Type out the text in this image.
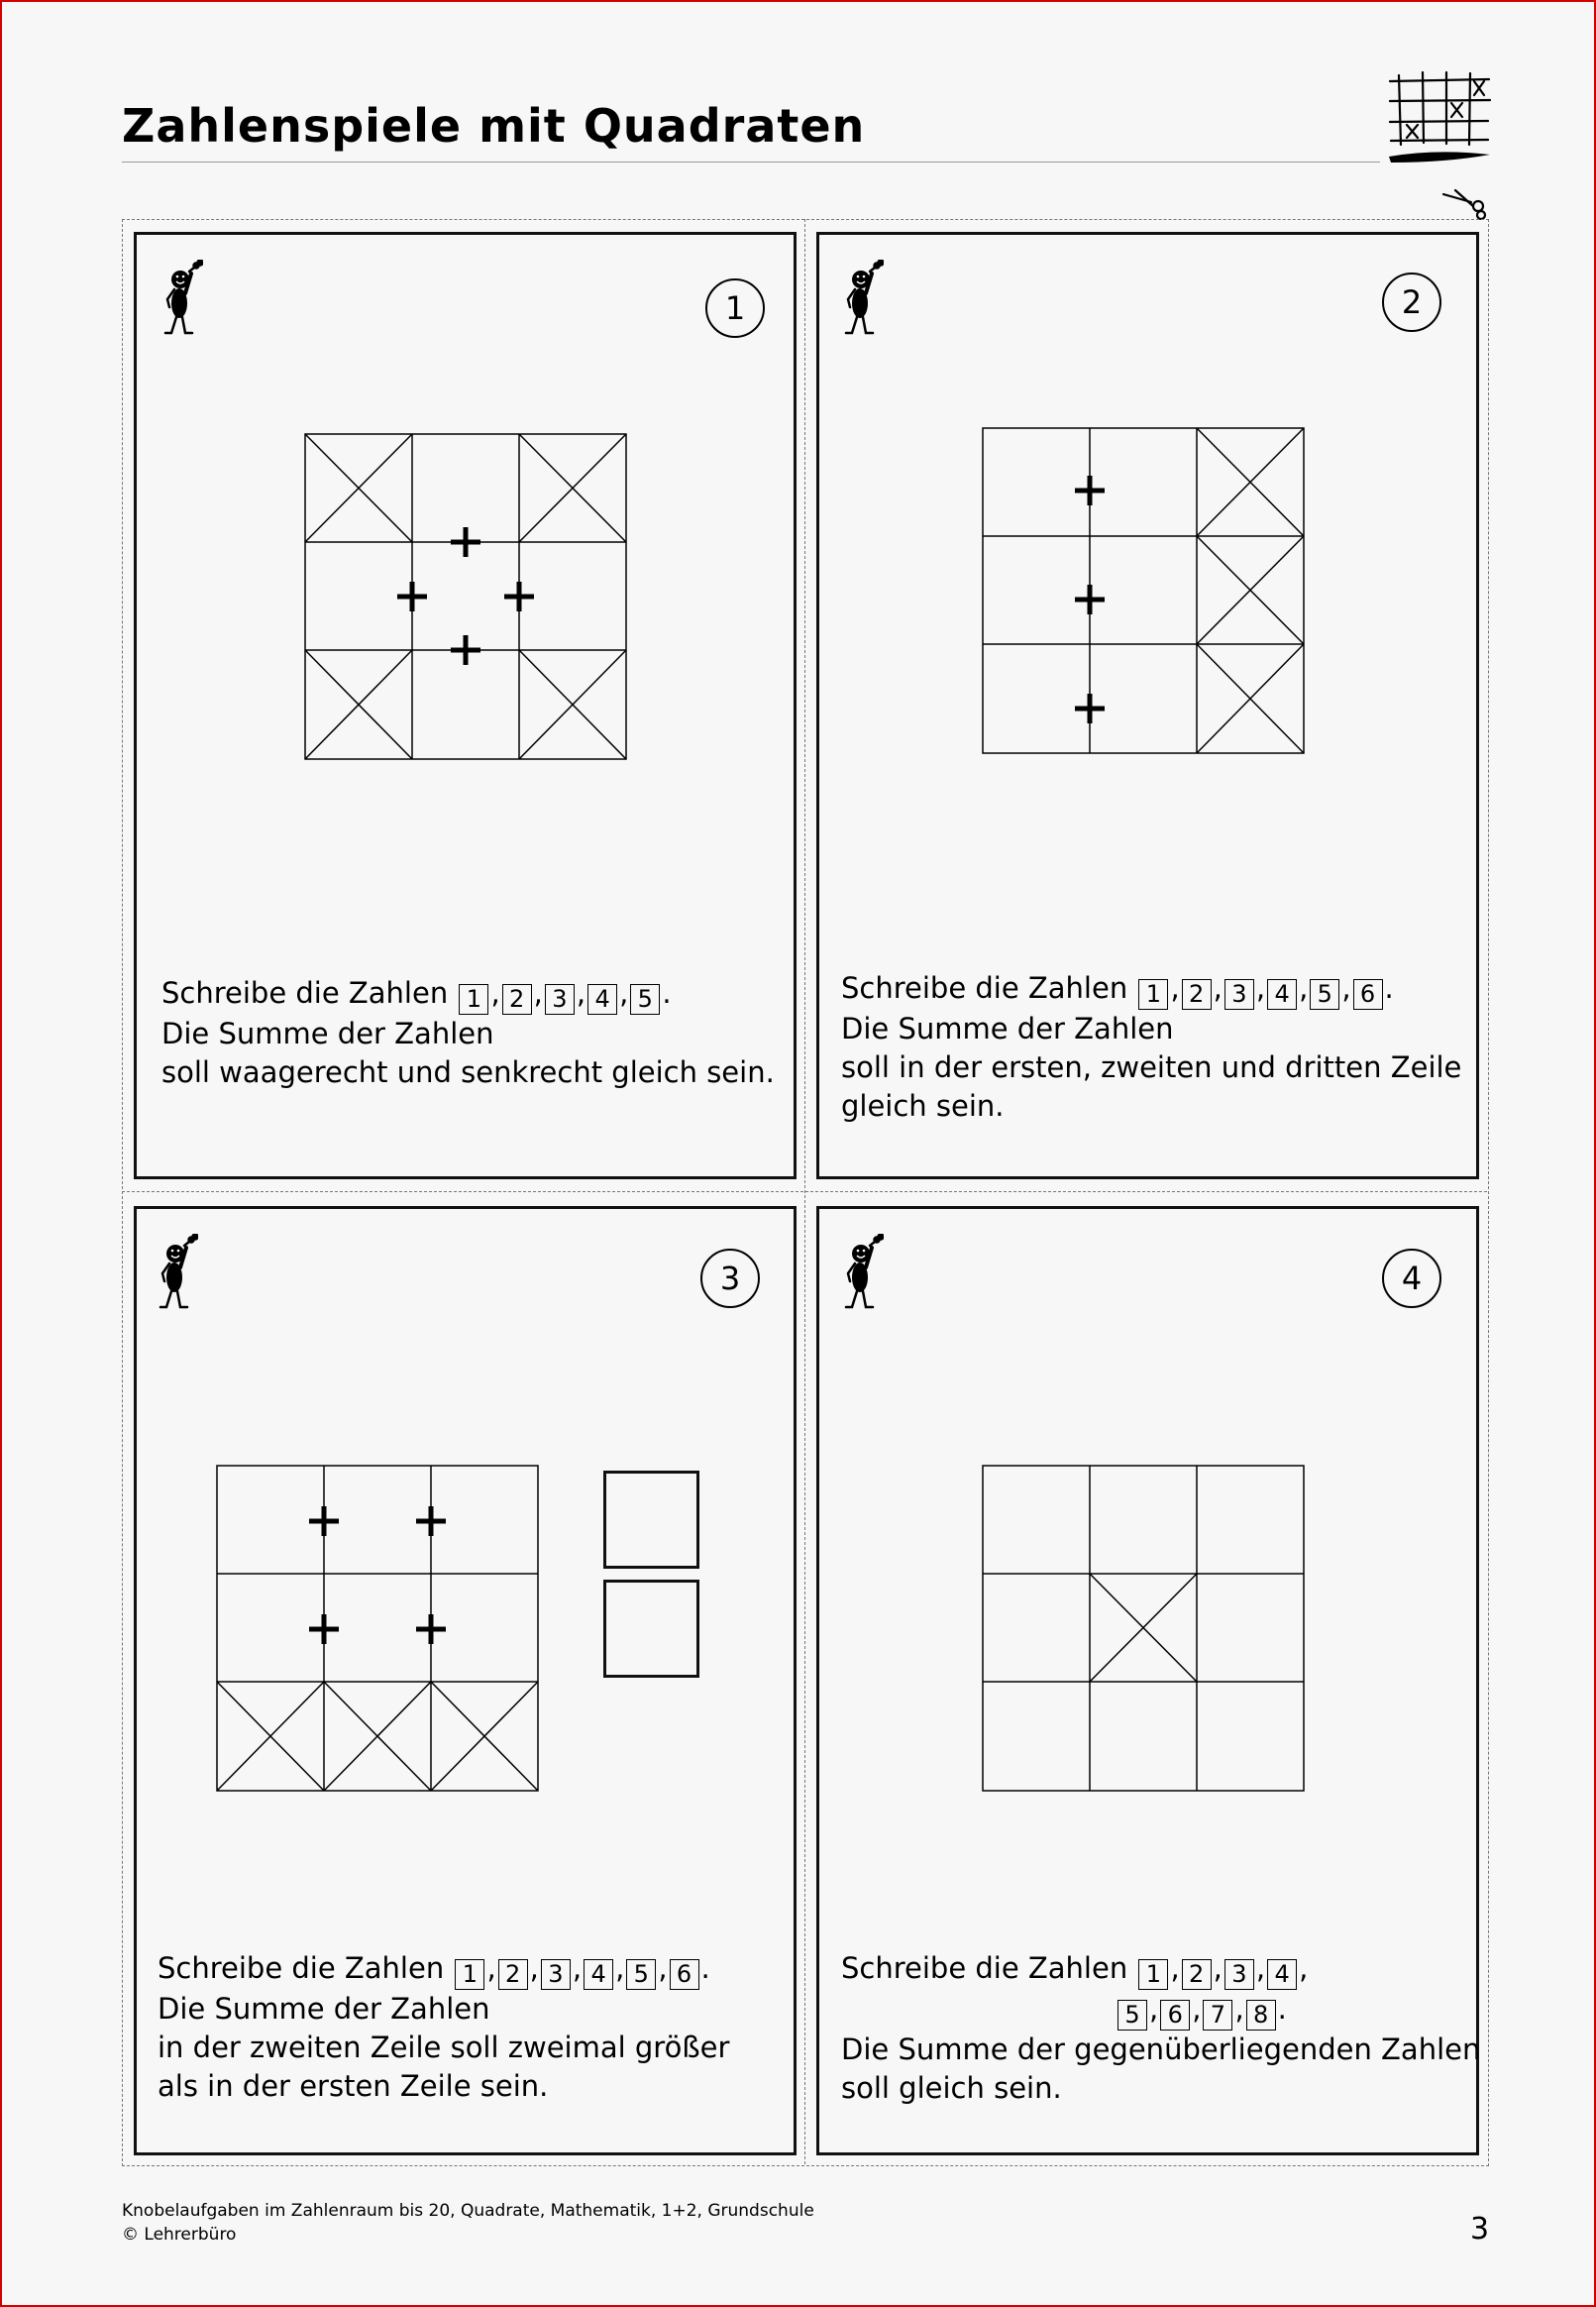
Zahlenspiele mit Quadraten
1
Schreibe die Zahlen 1 , 2 , 3 , 4 , 5 .
Die Summe der Zahlen
soll waagerecht und senkrecht gleich sein.
2
Schreibe die Zahlen 1 , 2 , 3 , 4 , 5 , 6 .
Die Summe der Zahlen
soll in der ersten, zweiten und dritten Zeile
gleich sein.
3
Schreibe die Zahlen 1 , 2 , 3 , 4 , 5 , 6 .
Die Summe der Zahlen
in der zweiten Zeile soll zweimal größer
als in der ersten Zeile sein.
4
Schreibe die Zahlen 1 , 2 , 3 , 4 ,
5 , 6 , 7 , 8 .
Die Summe der gegenüberliegenden Zahlen
soll gleich sein.
Knobelaufgaben im Zahlenraum bis 20, Quadrate, Mathematik, 1+2, Grundschule
© Lehrerbüro	3
